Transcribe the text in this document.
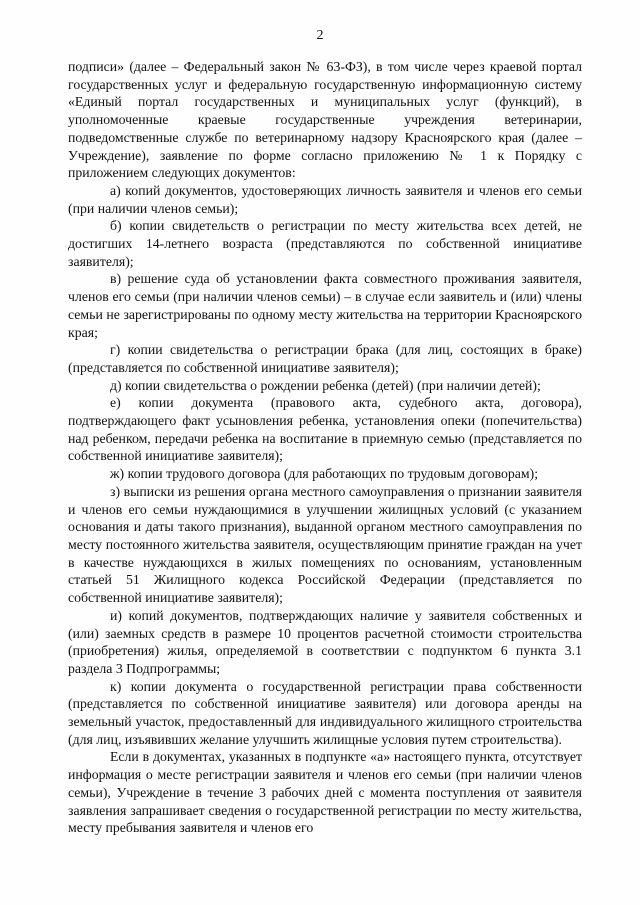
2

подписи» (далее – Федеральный закон № 63-ФЗ), в том числе через краевой портал государственных услуг и федеральную государственную информационную систему «Единый портал государственных и муниципальных услуг (функций), в уполномоченные краевые государственные учреждения ветеринарии, подведомственные службе по ветеринарному надзору Красноярского края (далее – Учреждение), заявление по форме согласно приложению № 1 к Порядку с приложением следующих документов:

а) копий документов, удостоверяющих личность заявителя и членов его семьи (при наличии членов семьи);

б) копии свидетельств о регистрации по месту жительства всех детей, не достигших 14-летнего возраста (представляются по собственной инициативе заявителя);

в) решение суда об установлении факта совместного проживания заявителя, членов его семьи (при наличии членов семьи) – в случае если заявитель и (или) члены семьи не зарегистрированы по одному месту жительства на территории Красноярского края;

г) копии свидетельства о регистрации брака (для лиц, состоящих в браке) (представляется по собственной инициативе заявителя);

д) копии свидетельства о рождении ребенка (детей) (при наличии детей);

е) копии документа (правового акта, судебного акта, договора), подтверждающего факт усыновления ребенка, установления опеки (попечительства) над ребенком, передачи ребенка на воспитание в приемную семью (представляется по собственной инициативе заявителя);

ж) копии трудового договора (для работающих по трудовым договорам);

з) выписки из решения органа местного самоуправления о признании заявителя и членов его семьи нуждающимися в улучшении жилищных условий (с указанием основания и даты такого признания), выданной органом местного самоуправления по месту постоянного жительства заявителя, осуществляющим принятие граждан на учет в качестве нуждающихся в жилых помещениях по основаниям, установленным статьей 51 Жилищного кодекса Российской Федерации (представляется по собственной инициативе заявителя);

и) копий документов, подтверждающих наличие у заявителя собственных и (или) заемных средств в размере 10 процентов расчетной стоимости строительства (приобретения) жилья, определяемой в соответствии с подпунктом 6 пункта 3.1 раздела 3 Подпрограммы;

к) копии документа о государственной регистрации права собственности (представляется по собственной инициативе заявителя) или договора аренды на земельный участок, предоставленный для индивидуального жилищного строительства (для лиц, изъявивших желание улучшить жилищные условия путем строительства).

Если в документах, указанных в подпункте «а» настоящего пункта, отсутствует информация о месте регистрации заявителя и членов его семьи (при наличии членов семьи), Учреждение в течение 3 рабочих дней с момента поступления от заявителя заявления запрашивает сведения о государственной регистрации по месту жительства, месту пребывания заявителя и членов его
